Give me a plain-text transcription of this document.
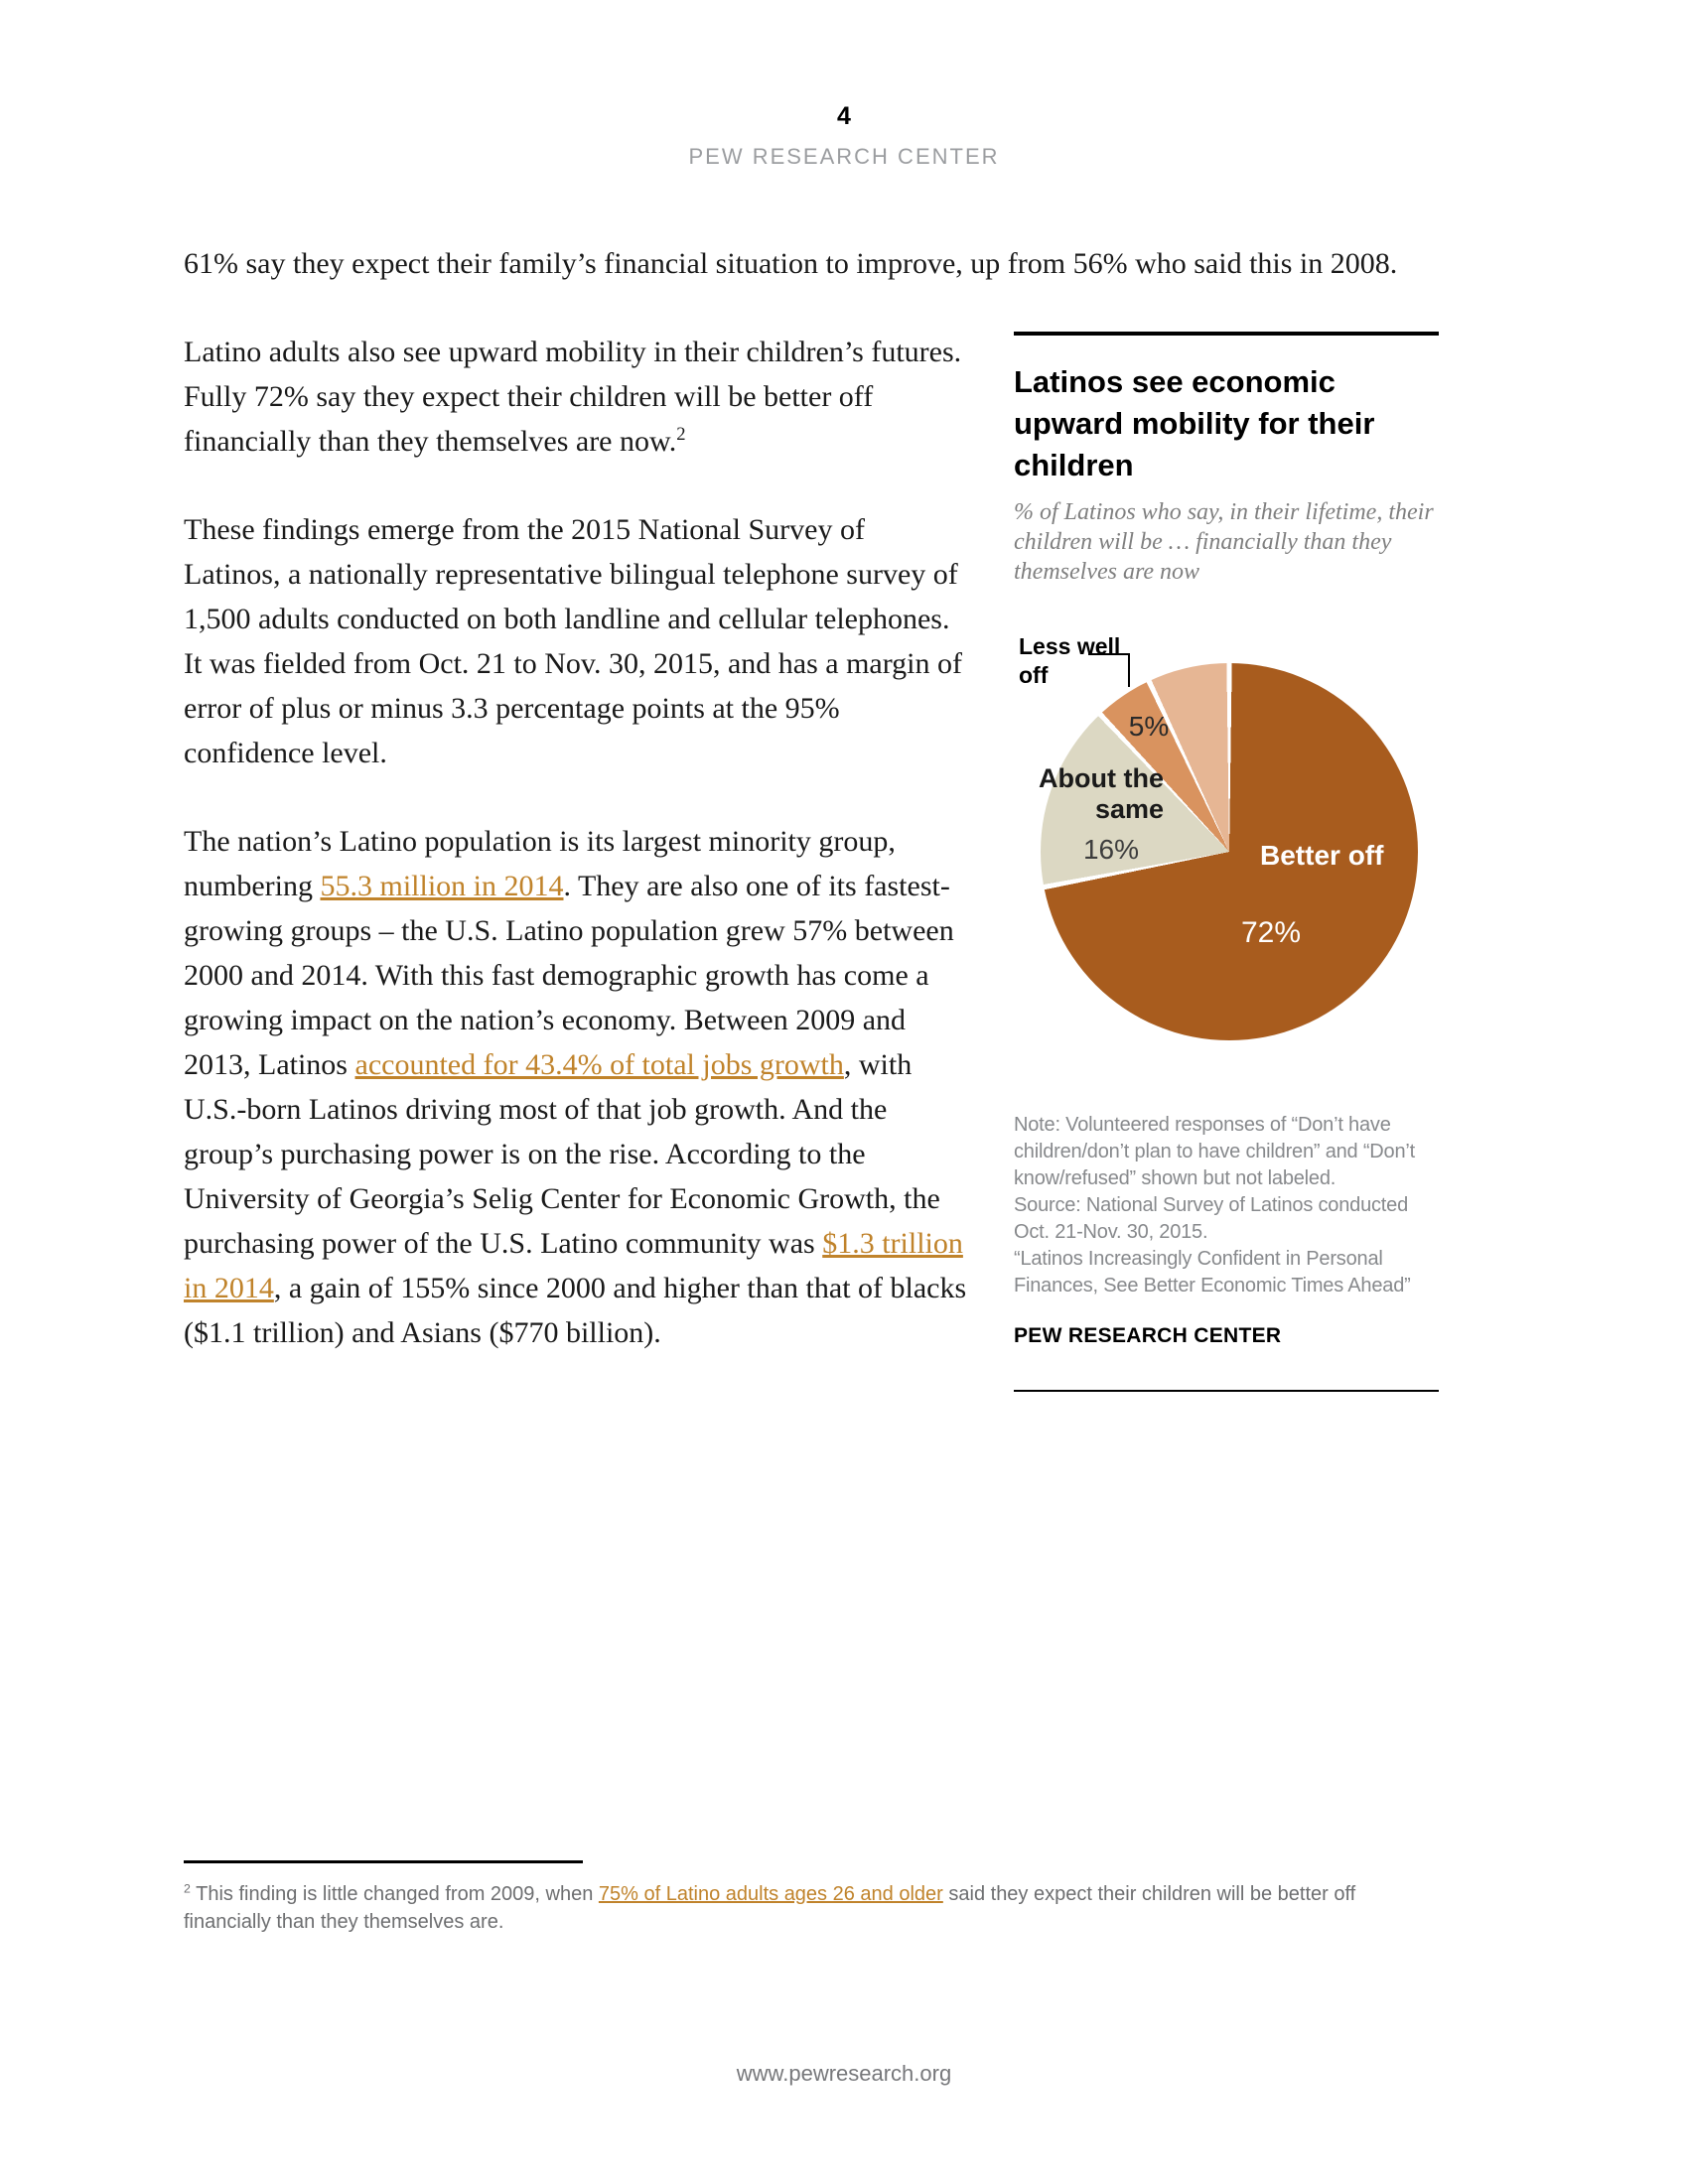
4
PEW RESEARCH CENTER

61% say they expect their family’s financial situation to improve, up from 56% who said this in 2008.

Latinos see economic upward mobility for their children
% of Latinos who say, in their lifetime, their children will be … financially than they themselves are now
Less well off
5%
About the same
16%	Better off
72%
Note: Volunteered responses of “Don’t have children/don’t plan to have children” and “Don’t know/refused” shown but not labeled.
Source: National Survey of Latinos conducted Oct. 21-Nov. 30, 2015.
“Latinos Increasingly Confident in Personal Finances, See Better Economic Times Ahead”
PEW RESEARCH CENTER

Latino adults also see upward mobility in their children’s futures. Fully 72% say they expect their children will be better off financially than they themselves are now.$^2$

These findings emerge from the 2015 National Survey of Latinos, a nationally representative bilingual telephone survey of 1,500 adults conducted on both landline and cellular telephones. It was fielded from Oct. 21 to Nov. 30, 2015, and has a margin of error of plus or minus 3.3 percentage points at the 95% confidence level.

The nation’s Latino population is its largest minority group, numbering 55.3 million in 2014. They are also one of its fastest-growing groups – the U.S. Latino population grew 57% between 2000 and 2014. With this fast demographic growth has come a growing impact on the nation’s economy. Between 2009 and 2013, Latinos accounted for 43.4% of total jobs growth, with U.S.-born Latinos driving most of that job growth. And the group’s purchasing power is on the rise. According to the University of Georgia’s Selig Center for Economic Growth, the purchasing power of the U.S. Latino community was $1.3 trillion in 2014, a gain of 155% since 2000 and higher than that of blacks ($1.1 trillion) and Asians ($770 billion).

$^2$ This finding is little changed from 2009, when 75% of Latino adults ages 26 and older said they expect their children will be better off financially than they themselves are.
www.pewresearch.org
